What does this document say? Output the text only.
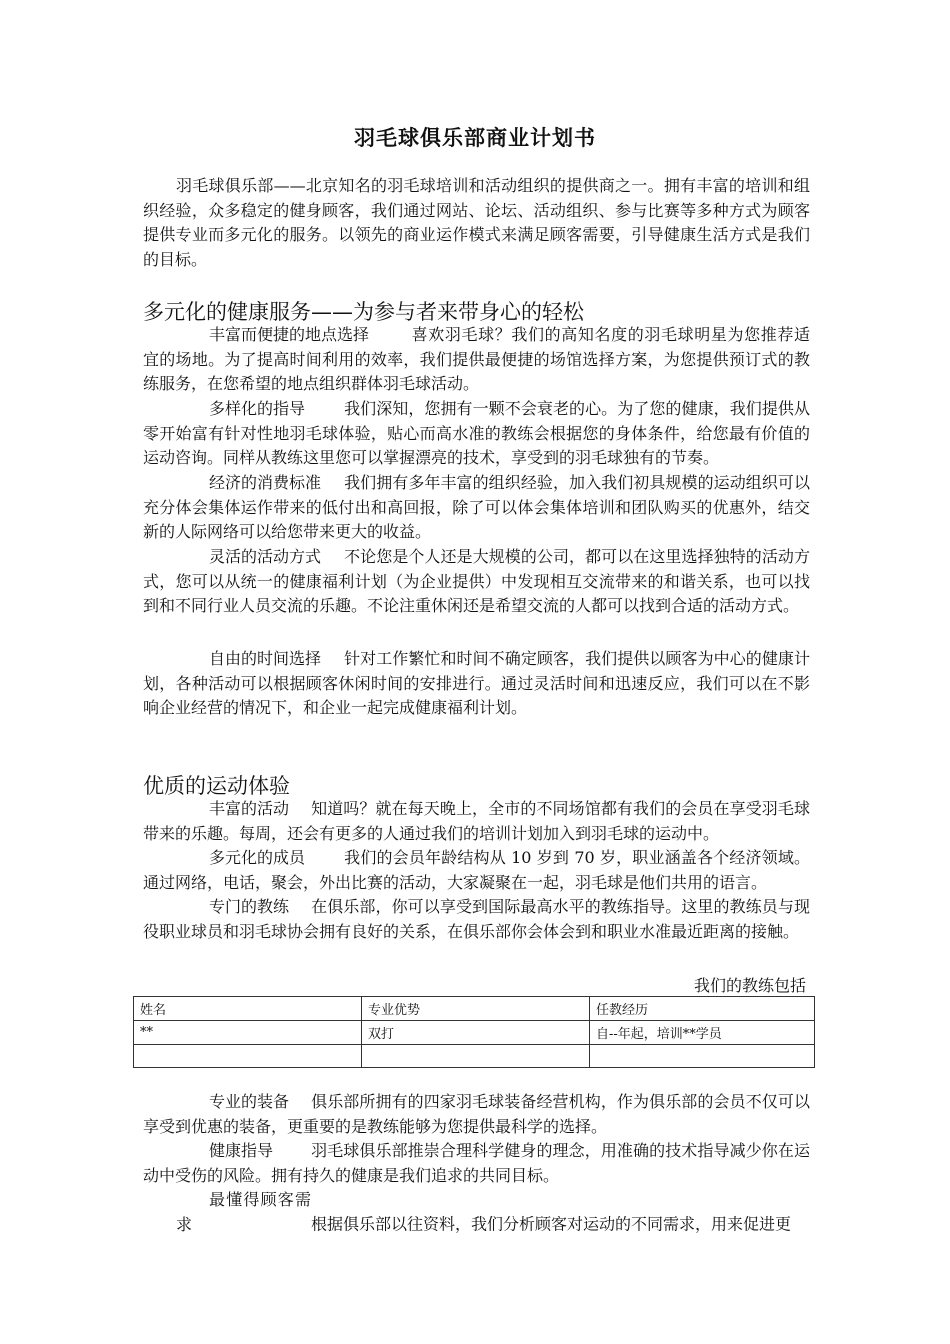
羽毛球俱乐部商业计划书

羽毛球俱乐部——北京知名的羽毛球培训和活动组织的提供商之一。拥有丰富的培训和组织经验，众多稳定的健身顾客，我们通过网站、论坛、活动组织、参与比赛等多种方式为顾客提供专业而多元化的服务。以领先的商业运作模式来满足顾客需要，引导健康生活方式是我们的目标。

多元化的健康服务——为参与者来带身心的轻松

丰富而便捷的地点选择	喜欢羽毛球？我们的高知名度的羽毛球明星为您推荐适宜的场地。为了提高时间利用的效率，我们提供最便捷的场馆选择方案，为您提供预订式的教练服务，在您希望的地点组织群体羽毛球活动。

多样化的指导 我们深知，您拥有一颗不会衰老的心。为了您的健康，我们提供从零开始富有针对性地羽毛球体验，贴心而高水准的教练会根据您的身体条件，给您最有价值的运动咨询。同样从教练这里您可以掌握漂亮的技术，享受到的羽毛球独有的节奏。

经济的消费标准 我们拥有多年丰富的组织经验，加入我们初具规模的运动组织可以充分体会集体运作带来的低付出和高回报，除了可以体会集体培训和团队购买的优惠外，结交新的人际网络可以给您带来更大的收益。

灵活的活动方式 不论您是个人还是大规模的公司，都可以在这里选择独特的活动方式，您可以从统一的健康福利计划（为企业提供）中发现相互交流带来的和谐关系，也可以找到和不同行业人员交流的乐趣。不论注重休闲还是希望交流的人都可以找到合适的活动方式。

自由的时间选择 针对工作繁忙和时间不确定顾客，我们提供以顾客为中心的健康计划，各种活动可以根据顾客休闲时间的安排进行。通过灵活时间和迅速反应，我们可以在不影响企业经营的情况下，和企业一起完成健康福利计划。

优质的运动体验

丰富的活动 知道吗？就在每天晚上，全市的不同场馆都有我们的会员在享受羽毛球带来的乐趣。每周，还会有更多的人通过我们的培训计划加入到羽毛球的运动中。

多元化的成员 我们的会员年龄结构从 10 岁到 70 岁，职业涵盖各个经济领域。通过网络，电话，聚会，外出比赛的活动，大家凝聚在一起，羽毛球是他们共用的语言。

专门的教练 在俱乐部，你可以享受到国际最高水平的教练指导。这里的教练员与现役职业球员和羽毛球协会拥有良好的关系，在俱乐部你会体会到和职业水准最近距离的接触。

我们的教练包括
姓名	专业优势	任教经历
**	双打	自--年起，培训**学员

专业的装备 俱乐部所拥有的四家羽毛球装备经营机构，作为俱乐部的会员不仅可以享受到优惠的装备，更重要的是教练能够为您提供最科学的选择。

健康指导 羽毛球俱乐部推崇合理科学健身的理念，用准确的技术指导减少你在运动中受伤的风险。拥有持久的健康是我们追求的共同目标。

最懂得顾客需求	根据俱乐部以往资料，我们分析顾客对运动的不同需求，用来促进更
